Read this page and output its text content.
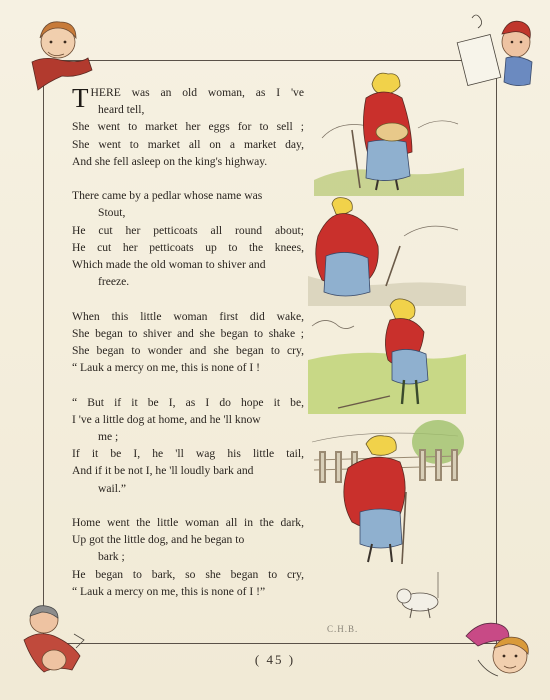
THERE was an old woman, as I 've
heard tell,
She went to market her eggs for to sell ;
She went to market all on a market day,
And she fell asleep on the king's highway.
There came by a pedlar whose name was
Stout,
He cut her petticoats all round about;
He cut her petticoats up to the knees,
Which made the old woman to shiver and
freeze.
When this little woman first did wake,
She began to shiver and she began to shake ;
She began to wonder and she began to cry,
“ Lauk a mercy on me, this is none of I !
“ But if it be I, as I do hope it be,
I 've a little dog at home, and he 'll know
me ;
If it be I, he 'll wag his little tail,
And if it be not I, he 'll loudly bark and
wail.”
Home went the little woman all in the dark,
Up got the little dog, and he began to
bark ;
He began to bark, so she began to cry,
“ Lauk a mercy on me, this is none of I !”
C.H.B.
( 45 )
